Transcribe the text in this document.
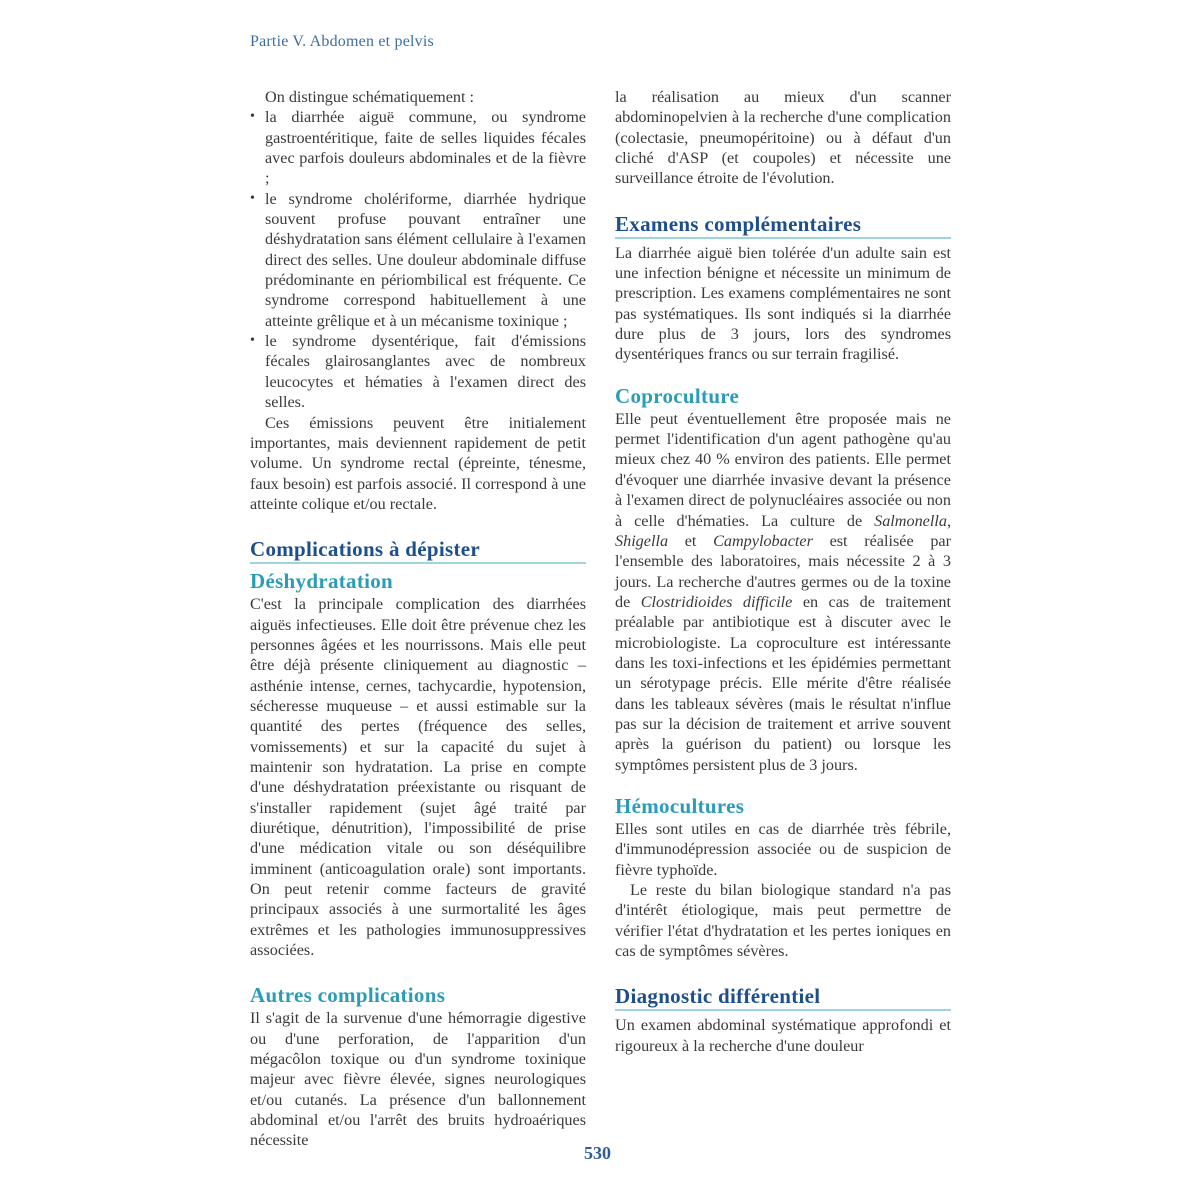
Partie V. Abdomen et pelvis

On distingue schématiquement :

• la diarrhée aiguë commune, ou syndrome gastroentéritique, faite de selles liquides fécales avec parfois douleurs abdominales et de la fièvre ;
• le syndrome cholériforme, diarrhée hydrique souvent profuse pouvant entraîner une déshydratation sans élément cellulaire à l'examen direct des selles. Une douleur abdominale diffuse prédominante en périombilical est fréquente. Ce syndrome correspond habituellement à une atteinte grêlique et à un mécanisme toxinique ;
• le syndrome dysentérique, fait d'émissions fécales glairosanglantes avec de nombreux leucocytes et hématies à l'examen direct des selles.

Ces émissions peuvent être initialement importantes, mais deviennent rapidement de petit volume. Un syndrome rectal (épreinte, ténesme, faux besoin) est parfois associé. Il correspond à une atteinte colique et/ou rectale.

Complications à dépister
Déshydratation

C'est la principale complication des diarrhées aiguës infectieuses. Elle doit être prévenue chez les personnes âgées et les nourrissons. Mais elle peut être déjà présente cliniquement au diagnostic – asthénie intense, cernes, tachycardie, hypotension, sécheresse muqueuse – et aussi estimable sur la quantité des pertes (fréquence des selles, vomissements) et sur la capacité du sujet à maintenir son hydratation. La prise en compte d'une déshydratation préexistante ou risquant de s'installer rapidement (sujet âgé traité par diurétique, dénutrition), l'impossibilité de prise d'une médication vitale ou son déséquilibre imminent (anticoagulation orale) sont importants. On peut retenir comme facteurs de gravité principaux associés à une surmortalité les âges extrêmes et les pathologies immunosuppressives associées.

Autres complications

Il s'agit de la survenue d'une hémorragie digestive ou d'une perforation, de l'apparition d'un mégacôlon toxique ou d'un syndrome toxinique majeur avec fièvre élevée, signes neurologiques et/ou cutanés. La présence d'un ballonnement abdominal et/ou l'arrêt des bruits hydroaériques nécessite

la réalisation au mieux d'un scanner abdominopelvien à la recherche d'une complication (colectasie, pneumopéritoine) ou à défaut d'un cliché d'ASP (et coupoles) et nécessite une surveillance étroite de l'évolution.

Examens complémentaires

La diarrhée aiguë bien tolérée d'un adulte sain est une infection bénigne et nécessite un minimum de prescription. Les examens complémentaires ne sont pas systématiques. Ils sont indiqués si la diarrhée dure plus de 3 jours, lors des syndromes dysentériques francs ou sur terrain fragilisé.

Coproculture

Elle peut éventuellement être proposée mais ne permet l'identification d'un agent pathogène qu'au mieux chez 40 % environ des patients. Elle permet d'évoquer une diarrhée invasive devant la présence à l'examen direct de polynucléaires associée ou non à celle d'hématies. La culture de Salmonella, Shigella et Campylobacter est réalisée par l'ensemble des laboratoires, mais nécessite 2 à 3 jours. La recherche d'autres germes ou de la toxine de Clostridioides difficile en cas de traitement préalable par antibiotique est à discuter avec le microbiologiste. La coproculture est intéressante dans les toxi-infections et les épidémies permettant un sérotypage précis. Elle mérite d'être réalisée dans les tableaux sévères (mais le résultat n'influe pas sur la décision de traitement et arrive souvent après la guérison du patient) ou lorsque les symptômes persistent plus de 3 jours.

Hémocultures

Elles sont utiles en cas de diarrhée très fébrile, d'immunodépression associée ou de suspicion de fièvre typhoïde.

Le reste du bilan biologique standard n'a pas d'intérêt étiologique, mais peut permettre de vérifier l'état d'hydratation et les pertes ioniques en cas de symptômes sévères.

Diagnostic différentiel

Un examen abdominal systématique approfondi et rigoureux à la recherche d'une douleur

530
